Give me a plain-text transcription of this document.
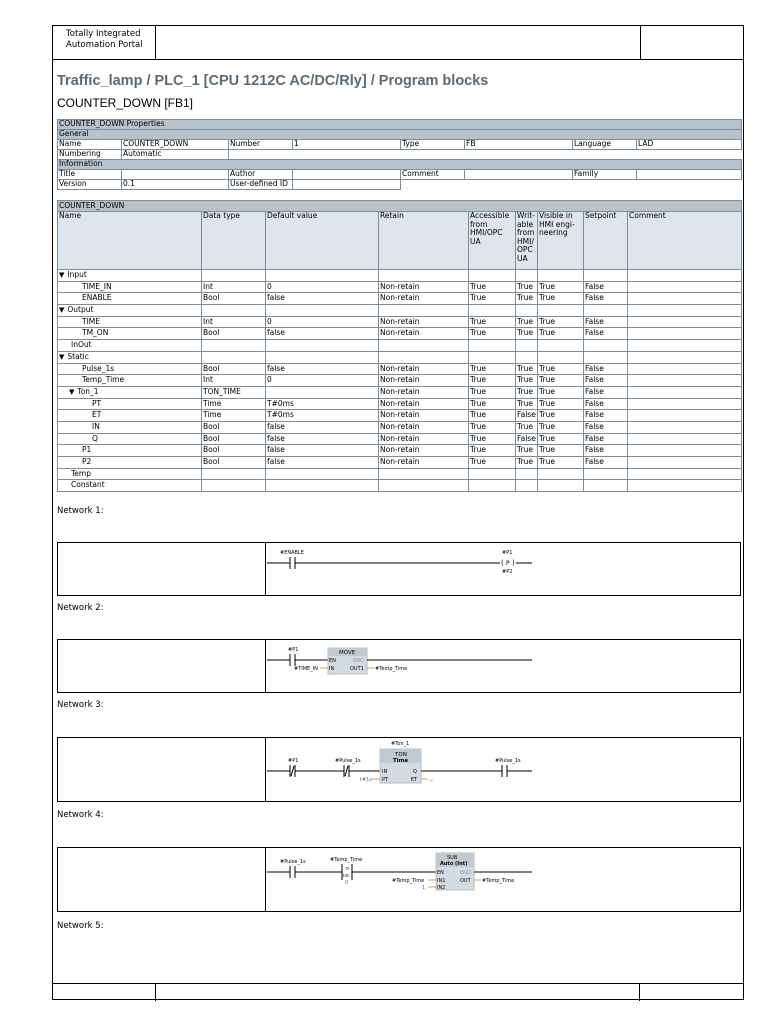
Totally Integrated
Automation Portal
Traffic_lamp / PLC_1 [CPU 1212C AC/DC/Rly] / Program blocks
COUNTER_DOWN [FB1]
COUNTER_DOWN Properties							
General							
Name	COUNTER_DOWN	Number	1	Type	FB	Language	LAD
Numbering	Automatic						
Information							
Title		Author		Comment		Family	
Version	0.1	User-defined ID					
COUNTER_DOWN								
Name	Data type	Default value	Retain	Accessible from HMI/OPC UA	Writ-able from HMI/ OPC UA	Visible in HMI engi-neering	Setpoint	Comment
▼ Input								
TIME_IN	Int	0	Non-retain	True	True	True	False	
ENABLE	Bool	false	Non-retain	True	True	True	False	
▼ Output								
TIME	Int	0	Non-retain	True	True	True	False	
TM_ON	Bool	false	Non-retain	True	True	True	False	
InOut								
▼ Static								
Pulse_1s	Bool	false	Non-retain	True	True	True	False	
Temp_Time	Int	0	Non-retain	True	True	True	False	
▼ Ton_1	TON_TIME		Non-retain	True	True	True	False	
PT	Time	T#0ms	Non-retain	True	True	True	False	
ET	Time	T#0ms	Non-retain	True	False	True	False	
IN	Bool	false	Non-retain	True	True	True	False	
Q	Bool	false	Non-retain	True	False	True	False	
P1	Bool	false	Non-retain	True	True	True	False	
P2	Bool	false	Non-retain	True	True	True	False	
Temp								
Constant								
Network 1:
( P )
#ENABLE	#P1
#P2
Network 2:
MOVE
EN	ENO
IN	OUT1
#TIME_IN	#Temp_Time
#P1
Network 3:
#Ton_1
TON
Time
IN	Q
PT	ET
t#1s	...
#P1	#Pulse_1s	#Pulse_1s
Network 4:
SUB
Auto (Int)
EN	ENO
IN1	OUT
IN2
#Temp_Time
1
#Temp_Time
#Pulse_1s	#Temp_Time
>
Int
0
Network 5:
